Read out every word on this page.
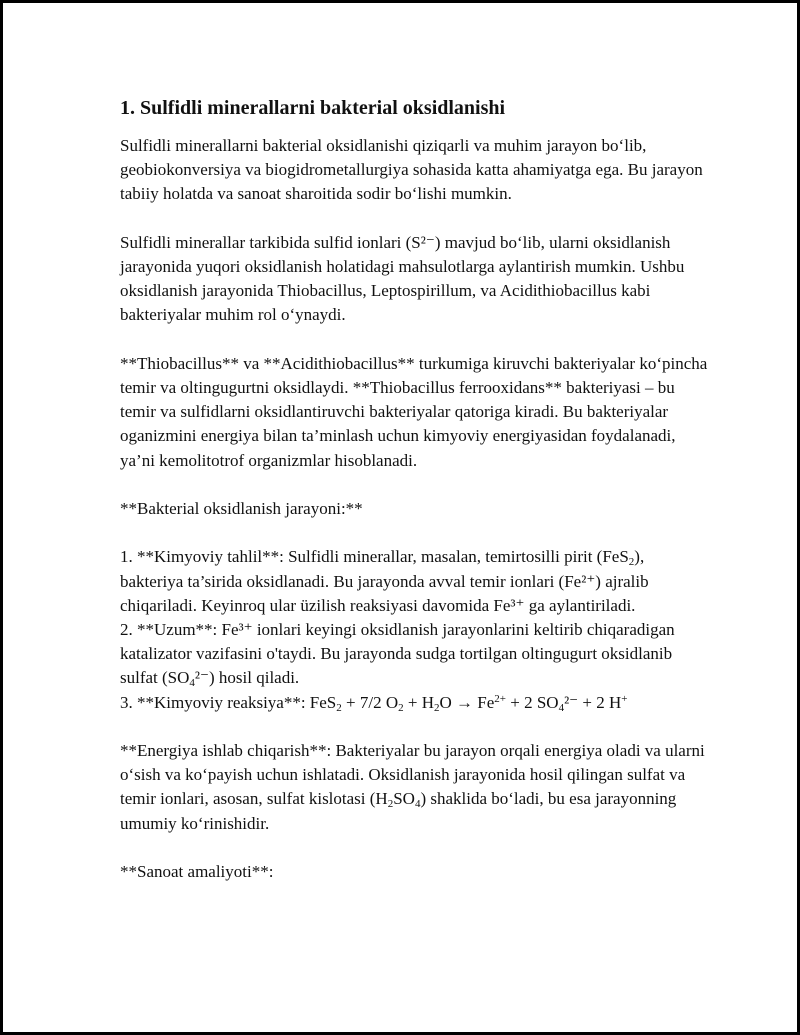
1. Sulfidli minerallarni bakterial oksidlanishi

Sulfidli minerallarni bakterial oksidlanishi qiziqarli va muhim jarayon bo‘lib, geobiokonversiya va biogidrometallurgiya sohasida katta ahamiyatga ega. Bu jarayon tabiiy holatda va sanoat sharoitida sodir bo‘lishi mumkin.

Sulfidli minerallar tarkibida sulfid ionlari (S²⁻) mavjud bo‘lib, ularni oksidlanish jarayonida yuqori oksidlanish holatidagi mahsulotlarga aylantirish mumkin. Ushbu oksidlanish jarayonida Thiobacillus, Leptospirillum, va Acidithiobacillus kabi bakteriyalar muhim rol o‘ynaydi.

**Thiobacillus** va **Acidithiobacillus** turkumiga kiruvchi bakteriyalar ko‘pincha temir va oltingugurtni oksidlaydi. **Thiobacillus ferrooxidans** bakteriyasi – bu temir va sulfidlarni oksidlantiruvchi bakteriyalar qatoriga kiradi. Bu bakteriyalar oganizmini energiya bilan ta’minlash uchun kimyoviy energiyasidan foydalanadi, ya’ni kemolitotrof organizmlar hisoblanadi.

**Bakterial oksidlanish jarayoni:**

1. **Kimyoviy tahlil**: Sulfidli minerallar, masalan, temirtosilli pirit (FeS$_2$), bakteriya ta’sirida oksidlanadi. Bu jarayonda avval temir ionlari (Fe²⁺) ajralib chiqariladi. Keyinroq ular üzilish reaksiyasi davomida Fe³⁺ ga aylantiriladi.

2. **Uzum**: Fe³⁺ ionlari keyingi oksidlanish jarayonlarini keltirib chiqaradigan katalizator vazifasini o'taydi. Bu jarayonda sudga tortilgan oltingugurt oksidlanib sulfat $(SO_4^{2-})$ hosil qiladi.

3. **Kimyoviy reaksiya**: FeS$_2$ + 7/2 $O_2 + H_2O \to Fe^{2+} + 2$ $SO_4^{2-} + 2$ H+

**Energiya ishlab chiqarish**: Bakteriyalar bu jarayon orqali energiya oladi va ularni o‘sish va ko‘payish uchun ishlatadi. Oksidlanish jarayonida hosil qilingan sulfat va temir ionlari, asosan, sulfat kislotasi $(H_2SO_4)$ shaklida bo‘ladi, bu esa jarayonning umumiy ko‘rinishidir.

**Sanoat amaliyoti**:
